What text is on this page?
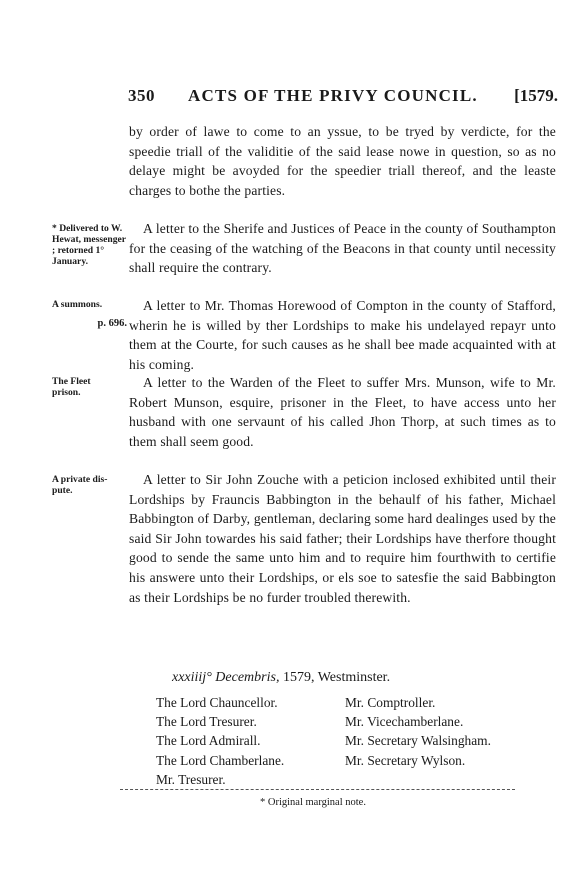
350 ACTS OF THE PRIVY COUNCIL. [1579.

by order of lawe to come to an yssue, to be tryed by verdicte, for the speedie triall of the validitie of the said lease nowe in question, so as no delaye might be avoyded for the speedier triall thereof, and the leaste charges to bothe the parties.

* Delivered to W. Hewat, messenger ; retorned 1° January.

A letter to the Sherife and Justices of Peace in the county of Southampton for the ceasing of the watching of the Beacons in that county until necessity shall require the contrary.

A summons.
p. 696.

A letter to Mr. Thomas Horewood of Compton in the county of Stafford, wherin he is willed by ther Lordships to make his undelayed repayr unto them at the Courte, for such causes as he shall bee made acquainted with at his coming.

The Fleet prison.

A letter to the Warden of the Fleet to suffer Mrs. Munson, wife to Mr. Robert Munson, esquire, prisoner in the Fleet, to have access unto her husband with one servaunt of his called Jhon Thorp, at such times as to them shall seem good.

A private dis-pute.

A letter to Sir John Zouche with a peticion inclosed exhibited until their Lordships by Frauncis Babbington in the behaulf of his father, Michael Babbington of Darby, gentleman, declaring some hard dealinges used by the said Sir John towardes his said father; their Lordships have therfore thought good to sende the same unto him and to require him fourthwith to certifie his answere unto their Lordships, or els soe to satesfie the said Babbington as their Lordships be no furder troubled therewith.

xxxiiij° Decembris, 1579, Westminster.
The Lord Chauncellor.
The Lord Tresurer.
The Lord Admirall.
The Lord Chamberlane.
Mr. Tresurer.
Mr. Comptroller.
Mr. Vicechamberlane.
Mr. Secretary Walsingham.
Mr. Secretary Wylson.
* Original marginal note.
